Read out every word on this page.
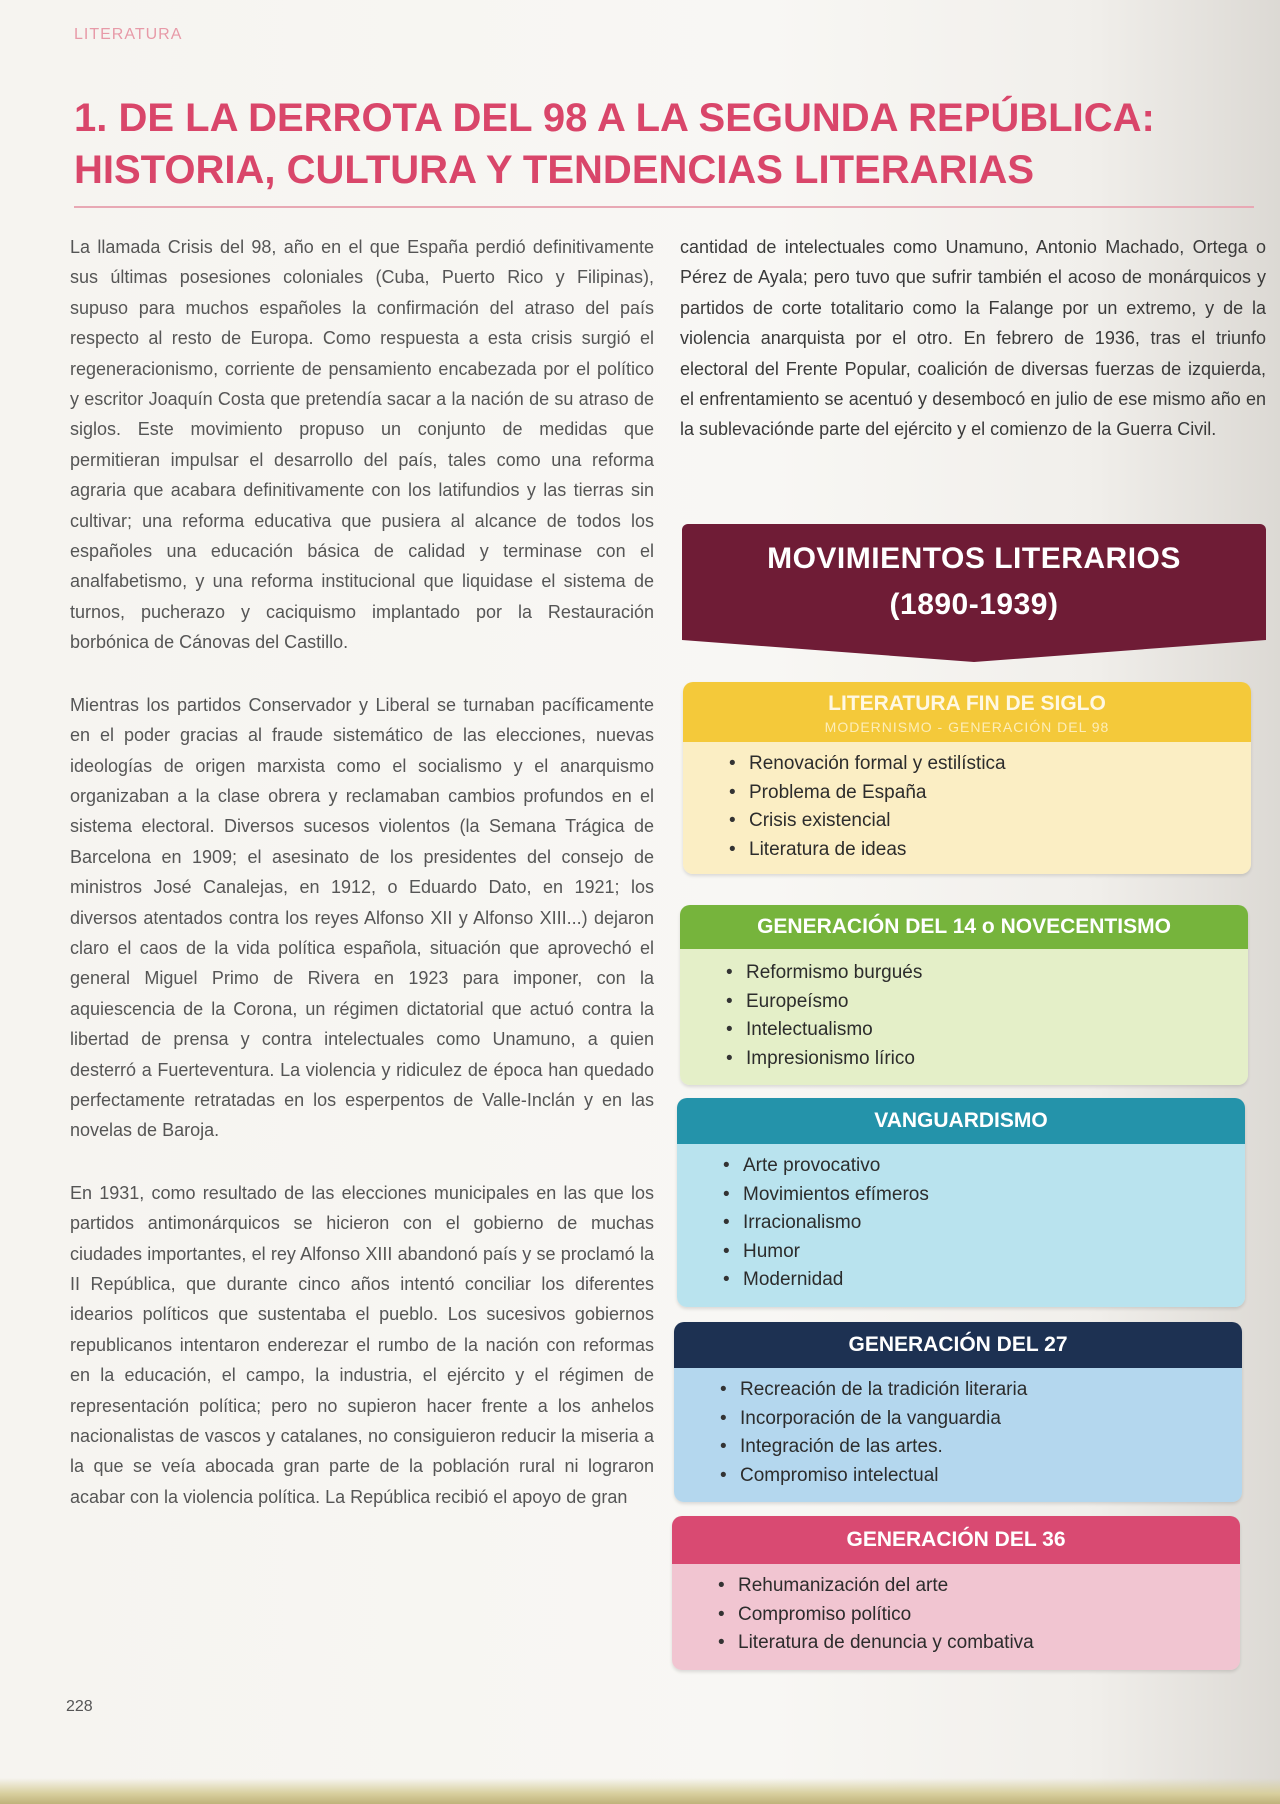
LITERATURA
1. DE LA DERROTA DEL 98 A LA SEGUNDA REPÚBLICA:
HISTORIA, CULTURA Y TENDENCIAS LITERARIAS

La llamada Crisis del 98, año en el que España perdió definitivamente sus últimas posesiones coloniales (Cuba, Puerto Rico y Filipinas), supuso para muchos españoles la confirmación del atraso del país respecto al resto de Europa. Como respuesta a esta crisis surgió el regeneracionismo, corriente de pensamiento encabezada por el político y escritor Joaquín Costa que pretendía sacar a la nación de su atraso de siglos. Este movimiento propuso un conjunto de medidas que permitieran impulsar el desarrollo del país, tales como una reforma agraria que acabara definitivamente con los latifundios y las tierras sin cultivar; una reforma educativa que pusiera al alcance de todos los españoles una educación básica de calidad y terminase con el analfabetismo, y una reforma institucional que liquidase el sistema de turnos, pucherazo y caciquismo implantado por la Restauración borbónica de Cánovas del Castillo.

Mientras los partidos Conservador y Liberal se turnaban pacíficamente en el poder gracias al fraude sistemático de las elecciones, nuevas ideologías de origen marxista como el socialismo y el anarquismo organizaban a la clase obrera y reclamaban cambios profundos en el sistema electoral. Diversos sucesos violentos (la Semana Trágica de Barcelona en 1909; el asesinato de los presidentes del consejo de ministros José Canalejas, en 1912, o Eduardo Dato, en 1921; los diversos atentados contra los reyes Alfonso XII y Alfonso XIII...) dejaron claro el caos de la vida política española, situación que aprovechó el general Miguel Primo de Rivera en 1923 para imponer, con la aquiescencia de la Corona, un régimen dictatorial que actuó contra la libertad de prensa y contra intelectuales como Unamuno, a quien desterró a Fuerteventura. La violencia y ridiculez de época han quedado perfectamente retratadas en los esperpentos de Valle-Inclán y en las novelas de Baroja.

En 1931, como resultado de las elecciones municipales en las que los partidos antimonárquicos se hicieron con el gobierno de muchas ciudades importantes, el rey Alfonso XIII abandonó país y se proclamó la II República, que durante cinco años intentó conciliar los diferentes idearios políticos que sustentaba el pueblo. Los sucesivos gobiernos republicanos intentaron enderezar el rumbo de la nación con reformas en la educación, el campo, la industria, el ejército y el régimen de representación política; pero no supieron hacer frente a los anhelos nacionalistas de vascos y catalanes, no consiguieron reducir la miseria a la que se veía abocada gran parte de la población rural ni lograron acabar con la violencia política. La República recibió el apoyo de gran

cantidad de intelectuales como Unamuno, Antonio Machado, Ortega o Pérez de Ayala; pero tuvo que sufrir también el acoso de monárquicos y partidos de corte totalitario como la Falange por un extremo, y de la violencia anarquista por el otro. En febrero de 1936, tras el triunfo electoral del Frente Popular, coalición de diversas fuerzas de izquierda, el enfrentamiento se acentuó y desembocó en julio de ese mismo año en la sublevacióndе parte del ejército y el comienzo de la Guerra Civil.

MOVIMIENTOS LITERARIOS
(1890-1939)
LITERATURA FIN DE SIGLO
MODERNISMO - GENERACIÓN DEL 98
• Renovación formal y estilística
• Problema de España
• Crisis existencial
• Literatura de ideas
GENERACIÓN DEL 14 o NOVECENTISMO
• Reformismo burgués
• Europeísmo
• Intelectualismo
• Impresionismo lírico
VANGUARDISMO
• Arte provocativo
• Movimientos efímeros
• Irracionalismo
• Humor
• Modernidad
GENERACIÓN DEL 27
• Recreación de la tradición literaria
• Incorporación de la vanguardia
• Integración de las artes.
• Compromiso intelectual
GENERACIÓN DEL 36
• Rehumanización del arte
• Compromiso político
• Literatura de denuncia y combativa
228
